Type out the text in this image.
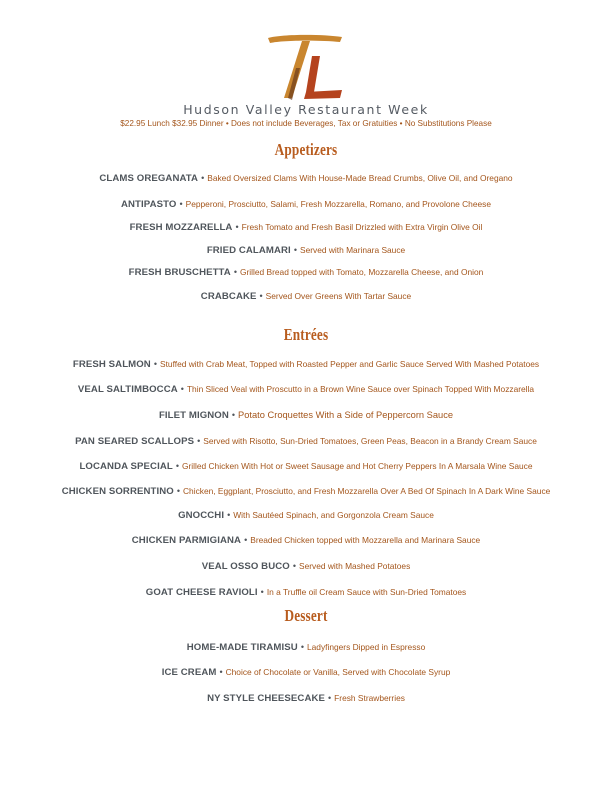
Hudson Valley Restaurant Week
$22.95 Lunch $32.95 Dinner • Does not include Beverages, Tax or Gratuities • No Substitutions Please
Appetizers
CLAMS OREGANATA • Baked Oversized Clams With House-Made Bread Crumbs, Olive Oil, and Oregano
ANTIPASTO • Pepperoni, Prosciutto, Salami, Fresh Mozzarella, Romano, and Provolone Cheese
FRESH MOZZARELLA • Fresh Tomato and Fresh Basil Drizzled with Extra Virgin Olive Oil
FRIED CALAMARI • Served with Marinara Sauce
FRESH BRUSCHETTA • Grilled Bread topped with Tomato, Mozzarella Cheese, and Onion
CRABCAKE • Served Over Greens With Tartar Sauce
Entrées
FRESH SALMON • Stuffed with Crab Meat, Topped with Roasted Pepper and Garlic Sauce Served With Mashed Potatoes
VEAL SALTIMBOCCA • Thin Sliced Veal with Proscutto in a Brown Wine Sauce over Spinach Topped With Mozzarella
FILET MIGNON • Potato Croquettes With a Side of Peppercorn Sauce
PAN SEARED SCALLOPS • Served with Risotto, Sun-Dried Tomatoes, Green Peas, Beacon in a Brandy Cream Sauce
LOCANDA SPECIAL • Grilled Chicken With Hot or Sweet Sausage and Hot Cherry Peppers In A Marsala Wine Sauce
CHICKEN SORRENTINO • Chicken, Eggplant, Prosciutto, and Fresh Mozzarella Over A Bed Of Spinach In A Dark Wine Sauce
GNOCCHI • With Sautéed Spinach, and Gorgonzola Cream Sauce
CHICKEN PARMIGIANA • Breaded Chicken topped with Mozzarella and Marinara Sauce
VEAL OSSO BUCO • Served with Mashed Potatoes
GOAT CHEESE RAVIOLI • In a Truffle oil Cream Sauce with Sun-Dried Tomatoes
Dessert
HOME-MADE TIRAMISU • Ladyfingers Dipped in Espresso
ICE CREAM • Choice of Chocolate or Vanilla, Served with Chocolate Syrup
NY STYLE CHEESECAKE • Fresh Strawberries
